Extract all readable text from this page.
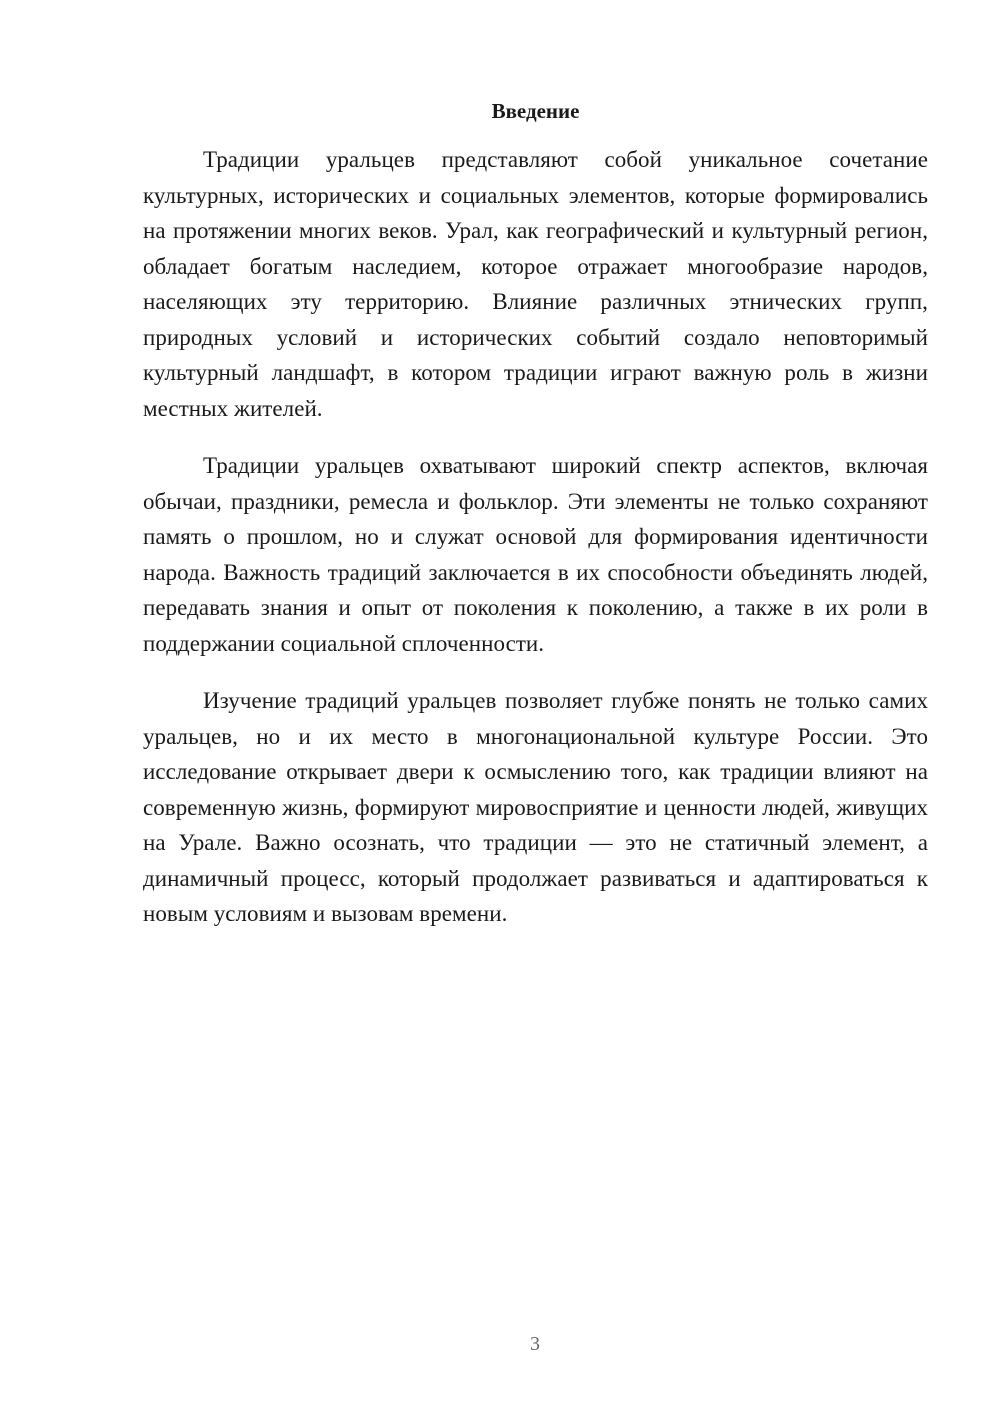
Введение

Традиции уральцев представляют собой уникальное сочетание культурных, исторических и социальных элементов, которые формировались на протяжении многих веков. Урал, как географический и культурный регион, обладает богатым наследием, которое отражает многообразие народов, населяющих эту территорию. Влияние различных этнических групп, природных условий и исторических событий создало неповторимый культурный ландшафт, в котором традиции играют важную роль в жизни местных жителей.

Традиции уральцев охватывают широкий спектр аспектов, включая обычаи, праздники, ремесла и фольклор. Эти элементы не только сохраняют память о прошлом, но и служат основой для формирования идентичности народа. Важность традиций заключается в их способности объединять людей, передавать знания и опыт от поколения к поколению, а также в их роли в поддержании социальной сплоченности.

Изучение традиций уральцев позволяет глубже понять не только самих уральцев, но и их место в многонациональной культуре России. Это исследование открывает двери к осмыслению того, как традиции влияют на современную жизнь, формируют мировосприятие и ценности людей, живущих на Урале. Важно осознать, что традиции — это не статичный элемент, а динамичный процесс, который продолжает развиваться и адаптироваться к новым условиям и вызовам времени.

3
